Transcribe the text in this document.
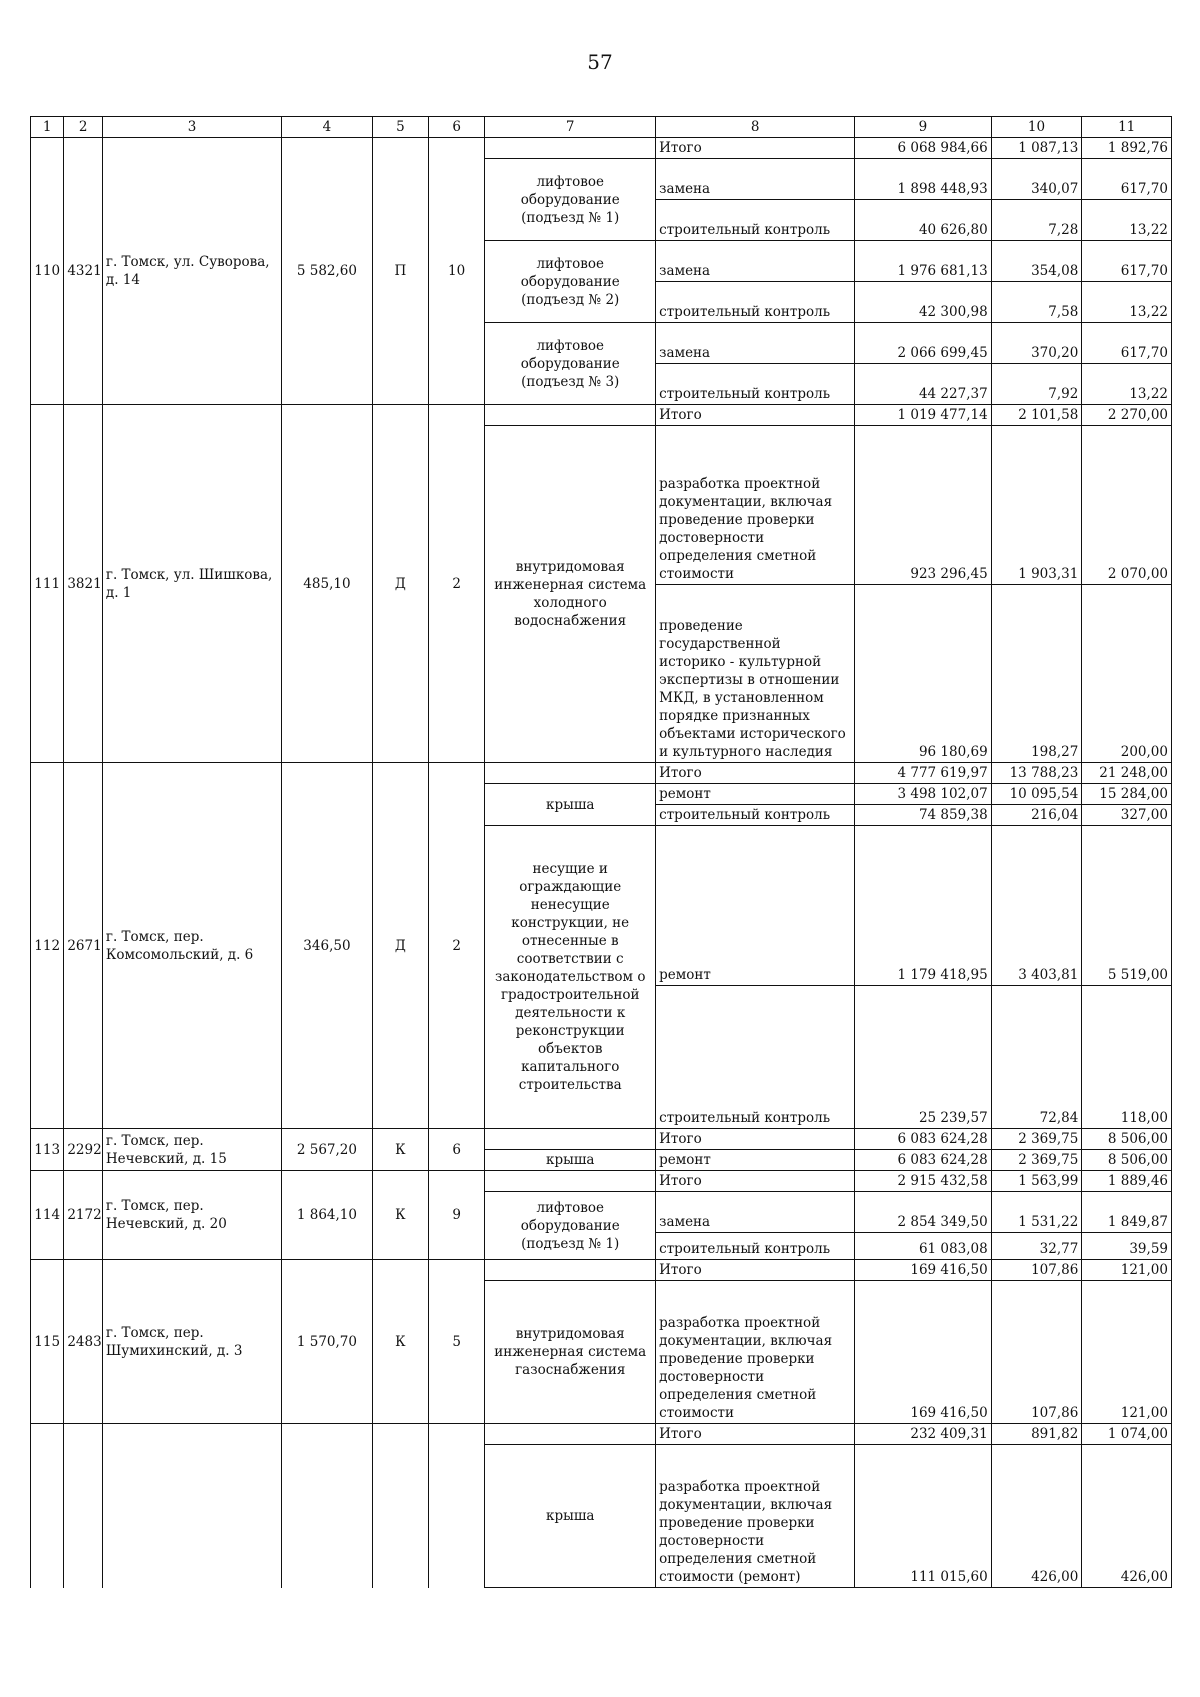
57
1	2	3	4	5	6	7	8	9	10	11
110	4321	г. Томск, ул. Суворова, д. 14	5 582,60	П	10		Итого	6 068 984,66	1 087,13	1 892,76
						лифтовое оборудование (подъезд № 1)	замена	1 898 448,93	340,07	617,70
							строительный контроль	40 626,80	7,28	13,22
						лифтовое оборудование (подъезд № 2)	замена	1 976 681,13	354,08	617,70
							строительный контроль	42 300,98	7,58	13,22
						лифтовое оборудование (подъезд № 3)	замена	2 066 699,45	370,20	617,70
							строительный контроль	44 227,37	7,92	13,22
111	3821	г. Томск, ул. Шишкова, д. 1	485,10	Д	2		Итого	1 019 477,14	2 101,58	2 270,00
						внутридомовая инженерная система холодного водоснабжения	разработка проектной документации, включая проведение проверки достоверности определения сметной стоимости	923 296,45	1 903,31	2 070,00
							проведение государственной историко - культурной экспертизы в отношении МКД, в установленном порядке признанных объектами исторического и культурного наследия	96 180,69	198,27	200,00
112	2671	г. Томск, пер. Комсомольский, д. 6	346,50	Д	2		Итого	4 777 619,97	13 788,23	21 248,00
						крыша	ремонт	3 498 102,07	10 095,54	15 284,00
							строительный контроль	74 859,38	216,04	327,00
						несущие и ограждающие ненесущие конструкции, не отнесенные в соответствии с законодательством о градостроительной деятельности к реконструкции объектов капитального строительства	ремонт	1 179 418,95	3 403,81	5 519,00
							строительный контроль	25 239,57	72,84	118,00
113	2292	г. Томск, пер. Нечевский, д. 15	2 567,20	К	6		Итого	6 083 624,28	2 369,75	8 506,00
						крыша	ремонт	6 083 624,28	2 369,75	8 506,00
114	2172	г. Томск, пер. Нечевский, д. 20	1 864,10	К	9		Итого	2 915 432,58	1 563,99	1 889,46
						лифтовое оборудование (подъезд № 1)	замена	2 854 349,50	1 531,22	1 849,87
							строительный контроль	61 083,08	32,77	39,59
115	2483	г. Томск, пер. Шумихинский, д. 3	1 570,70	К	5		Итого	169 416,50	107,86	121,00
						внутридомовая инженерная система газоснабжения	разработка проектной документации, включая проведение проверки достоверности определения сметной стоимости	169 416,50	107,86	121,00
							Итого	232 409,31	891,82	1 074,00
						крыша	разработка проектной документации, включая проведение проверки достоверности определения сметной стоимости (ремонт)	111 015,60	426,00	426,00
